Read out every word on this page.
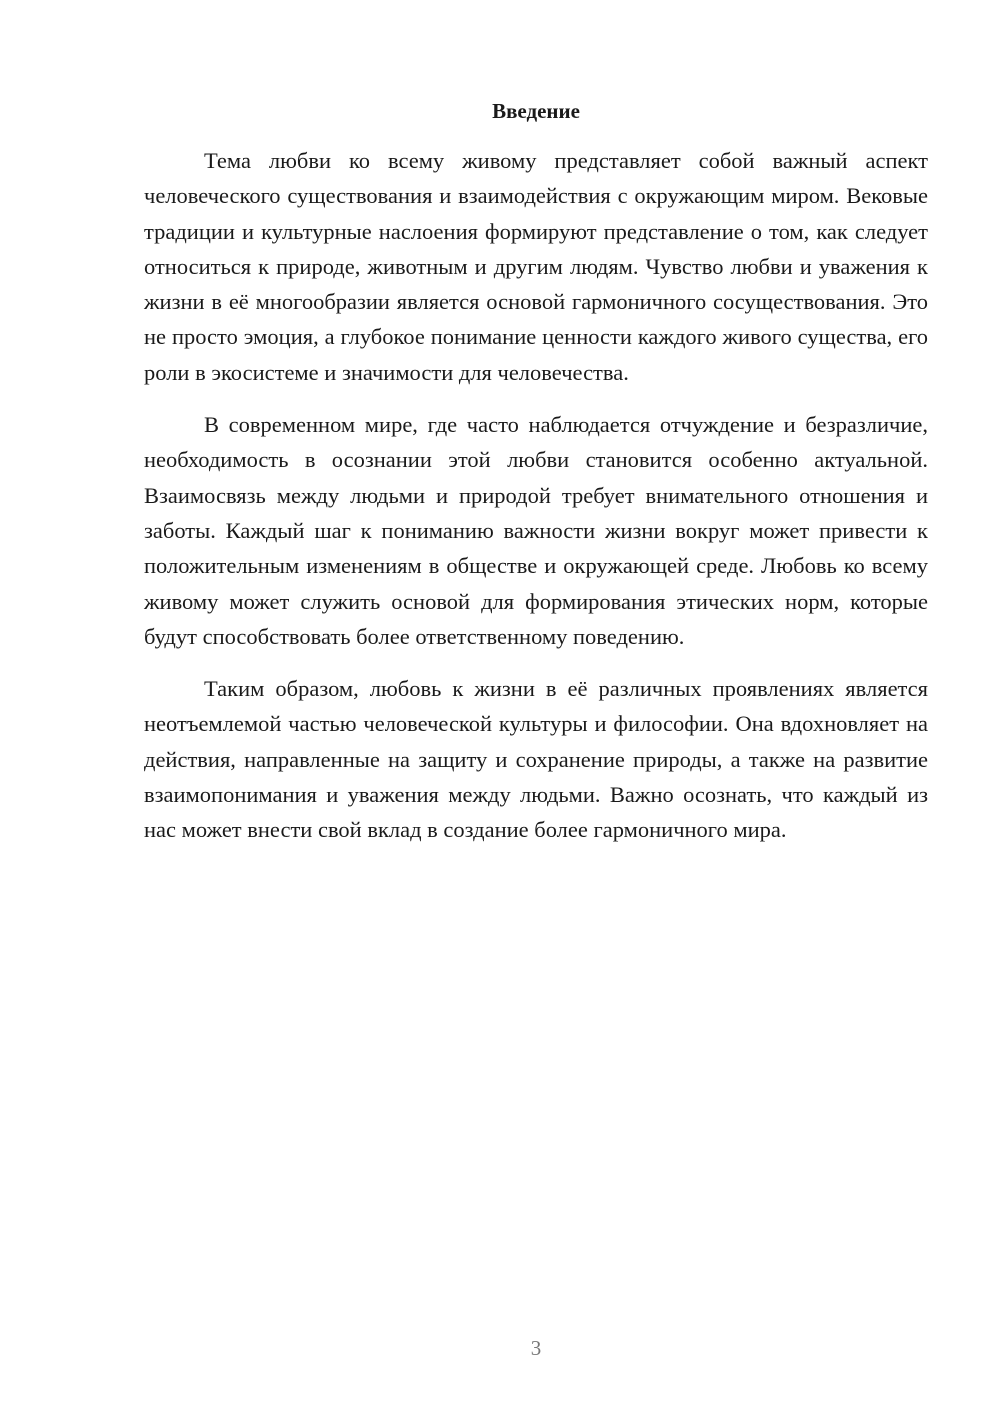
Введение

Тема любви ко всему живому представляет собой важный аспект человеческого существования и взаимодействия с окружающим миром. Вековые традиции и культурные наслоения формируют представление о том, как следует относиться к природе, животным и другим людям. Чувство любви и уважения к жизни в её многообразии является основой гармоничного сосуществования. Это не просто эмоция, а глубокое понимание ценности каждого живого существа, его роли в экосистеме и значимости для человечества.

В современном мире, где часто наблюдается отчуждение и безразличие, необходимость в осознании этой любви становится особенно актуальной. Взаимосвязь между людьми и природой требует внимательного отношения и заботы. Каждый шаг к пониманию важности жизни вокруг может привести к положительным изменениям в обществе и окружающей среде. Любовь ко всему живому может служить основой для формирования этических норм, которые будут способствовать более ответственному поведению.

Таким образом, любовь к жизни в её различных проявлениях является неотъемлемой частью человеческой культуры и философии. Она вдохновляет на действия, направленные на защиту и сохранение природы, а также на развитие взаимопонимания и уважения между людьми. Важно осознать, что каждый из нас может внести свой вклад в создание более гармоничного мира.

3
